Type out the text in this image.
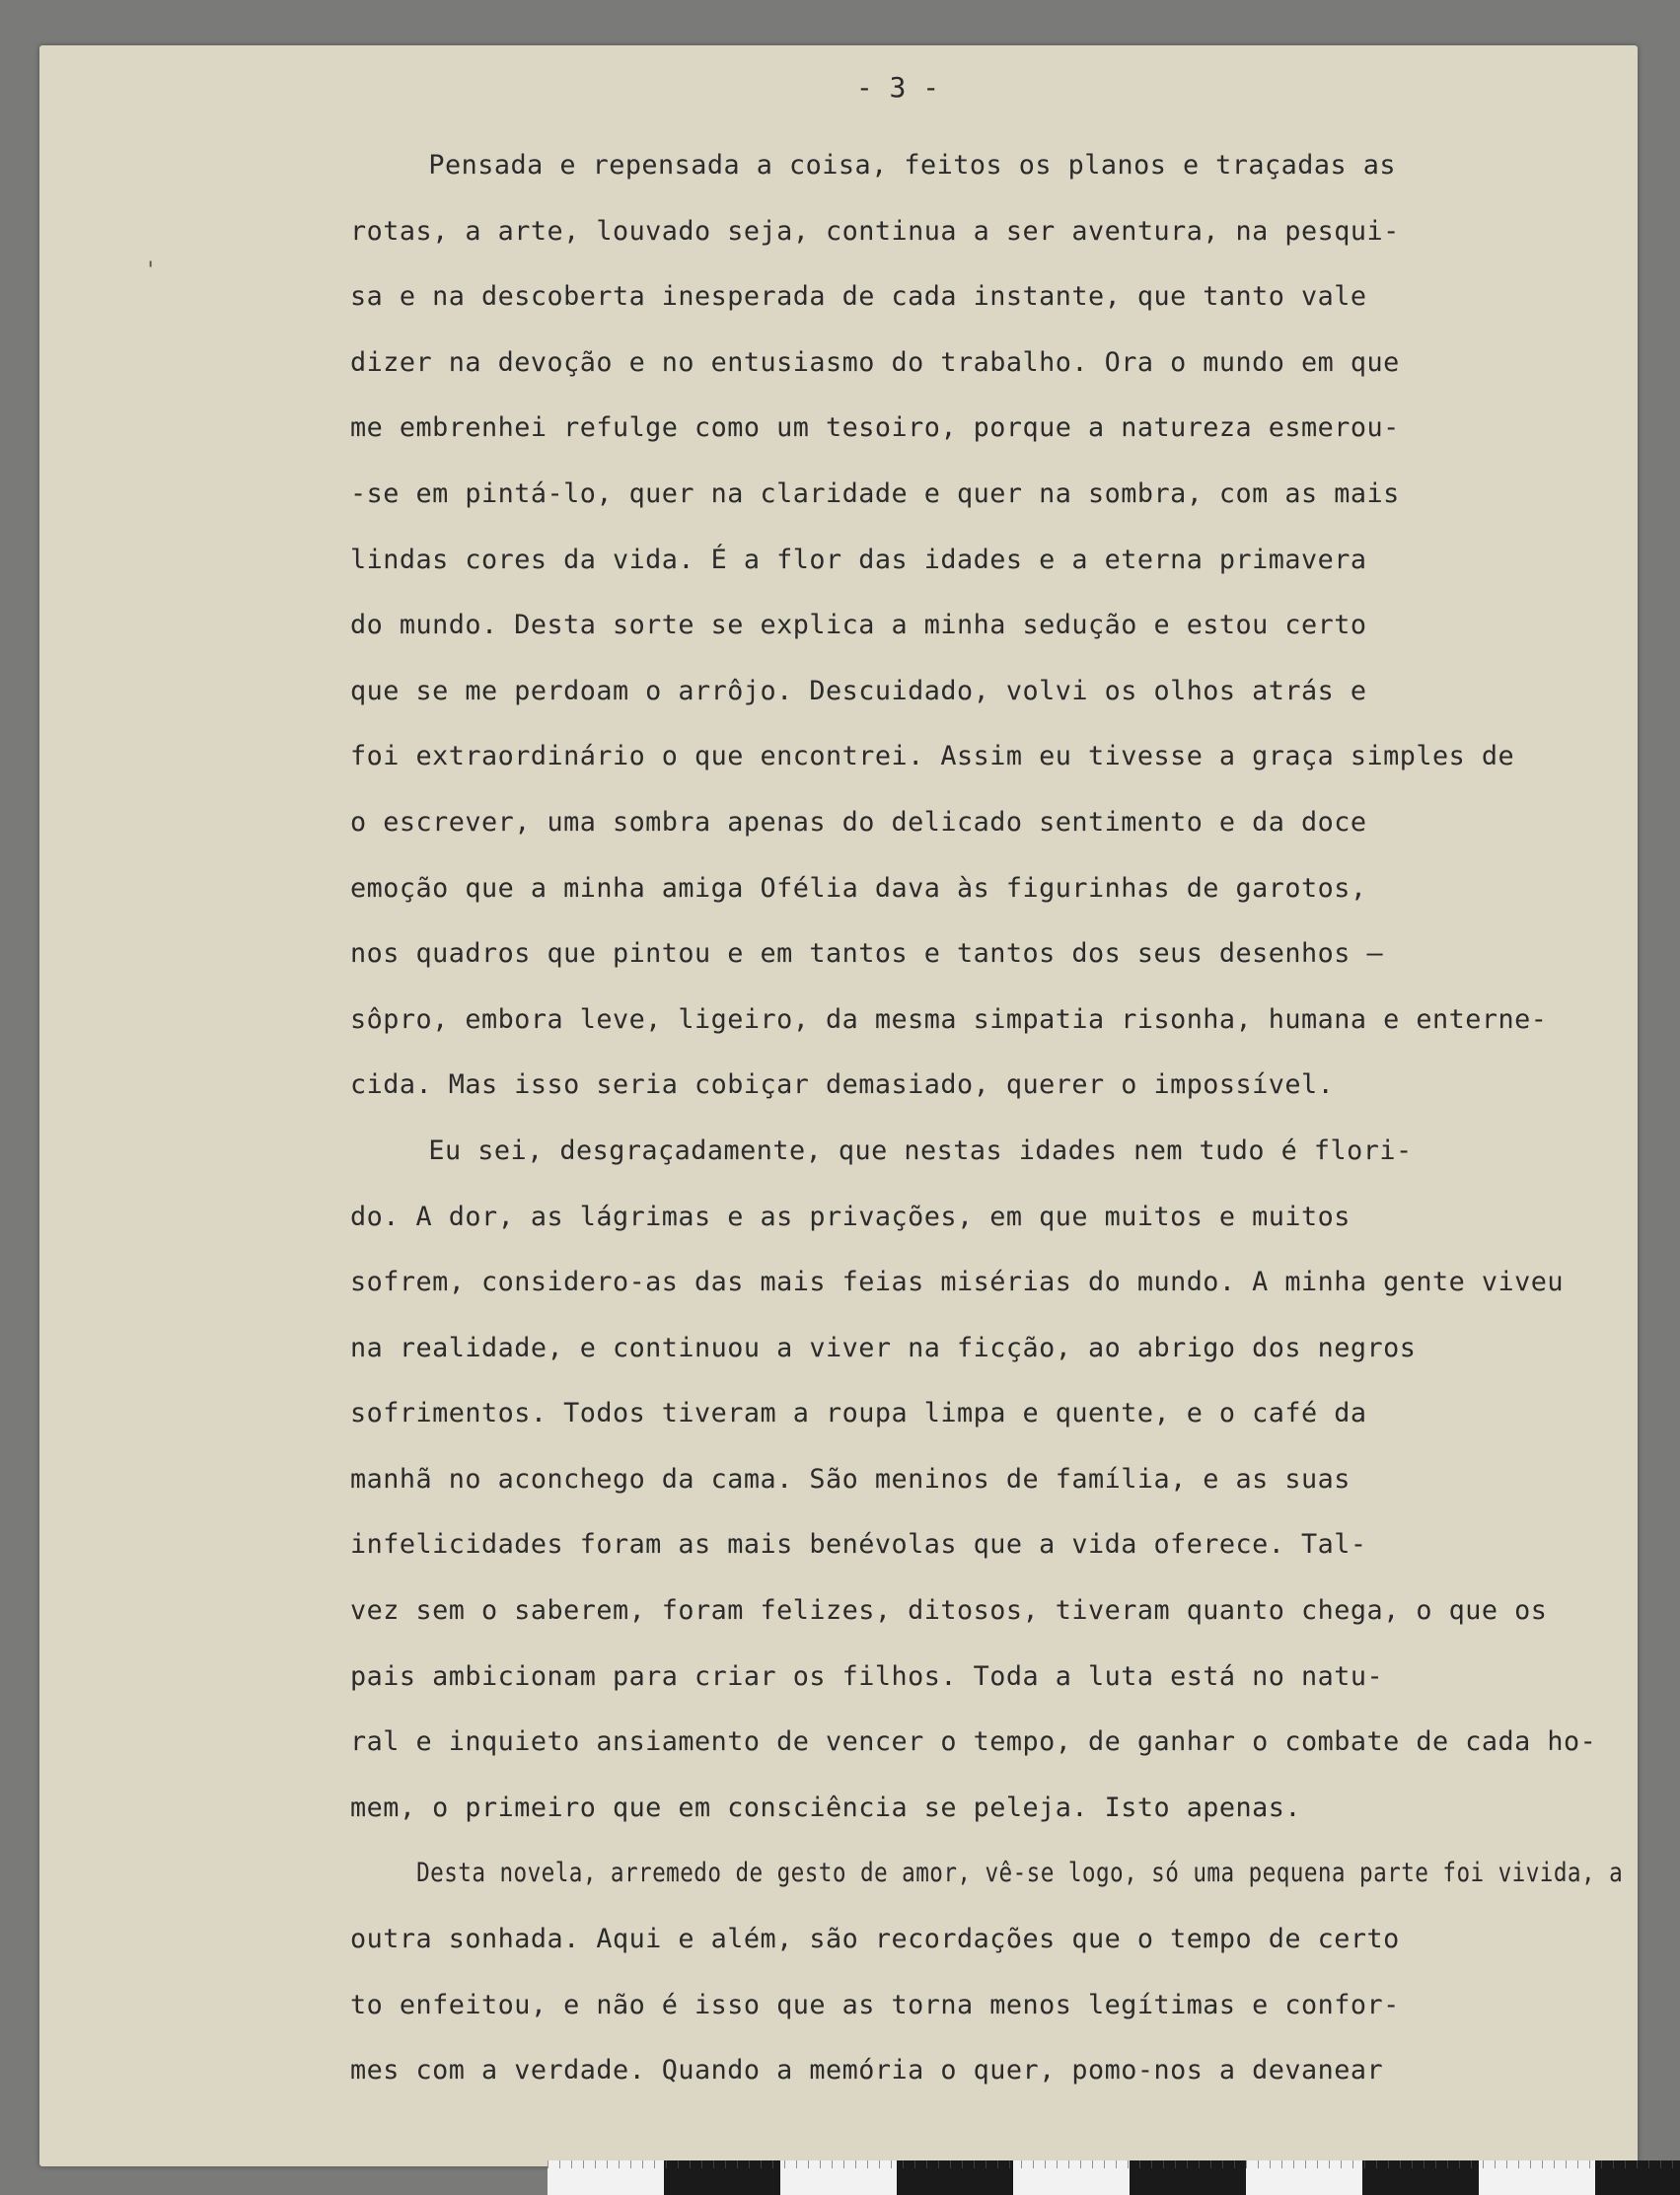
- 3 -
'
Pensada e repensada a coisa, feitos os planos e traçadas as
rotas, a arte, louvado seja, continua a ser aventura, na pesqui-
sa e na descoberta inesperada de cada instante, que tanto vale
dizer na devoção e no entusiasmo do trabalho. Ora o mundo em que
me embrenhei refulge como um tesoiro, porque a natureza esmerou-
-se em pintá-lo, quer na claridade e quer na sombra, com as mais
lindas cores da vida. É a flor das idades e a eterna primavera
do mundo. Desta sorte se explica a minha sedução e estou certo
que se me perdoam o arrôjo. Descuidado, volvi os olhos atrás e
foi extraordinário o que encontrei. Assim eu tivesse a graça simples de
o escrever, uma sombra apenas do delicado sentimento e da doce
emoção que a minha amiga Ofélia dava às figurinhas de garotos,
nos quadros que pintou e em tantos e tantos dos seus desenhos —
sôpro, embora leve, ligeiro, da mesma simpatia risonha, humana e enterne-
cida. Mas isso seria cobiçar demasiado, querer o impossível.
Eu sei, desgraçadamente, que nestas idades nem tudo é flori-
do. A dor, as lágrimas e as privações, em que muitos e muitos
sofrem, considero-as das mais feias misérias do mundo. A minha gente viveu
na realidade, e continuou a viver na ficção, ao abrigo dos negros
sofrimentos. Todos tiveram a roupa limpa e quente, e o café da
manhã no aconchego da cama. São meninos de família, e as suas
infelicidades foram as mais benévolas que a vida oferece. Tal-
vez sem o saberem, foram felizes, ditosos, tiveram quanto chega, o que os
pais ambicionam para criar os filhos. Toda a luta está no natu-
ral e inquieto ansiamento de vencer o tempo, de ganhar o combate de cada ho-
mem, o primeiro que em consciência se peleja. Isto apenas.
Desta novela, arremedo de gesto de amor, vê-se logo, só uma pequena parte foi vivida, a
outra sonhada. Aqui e além, são recordações que o tempo de certo
to enfeitou, e não é isso que as torna menos legítimas e confor-
mes com a verdade. Quando a memória o quer, pomo-nos a devanear
